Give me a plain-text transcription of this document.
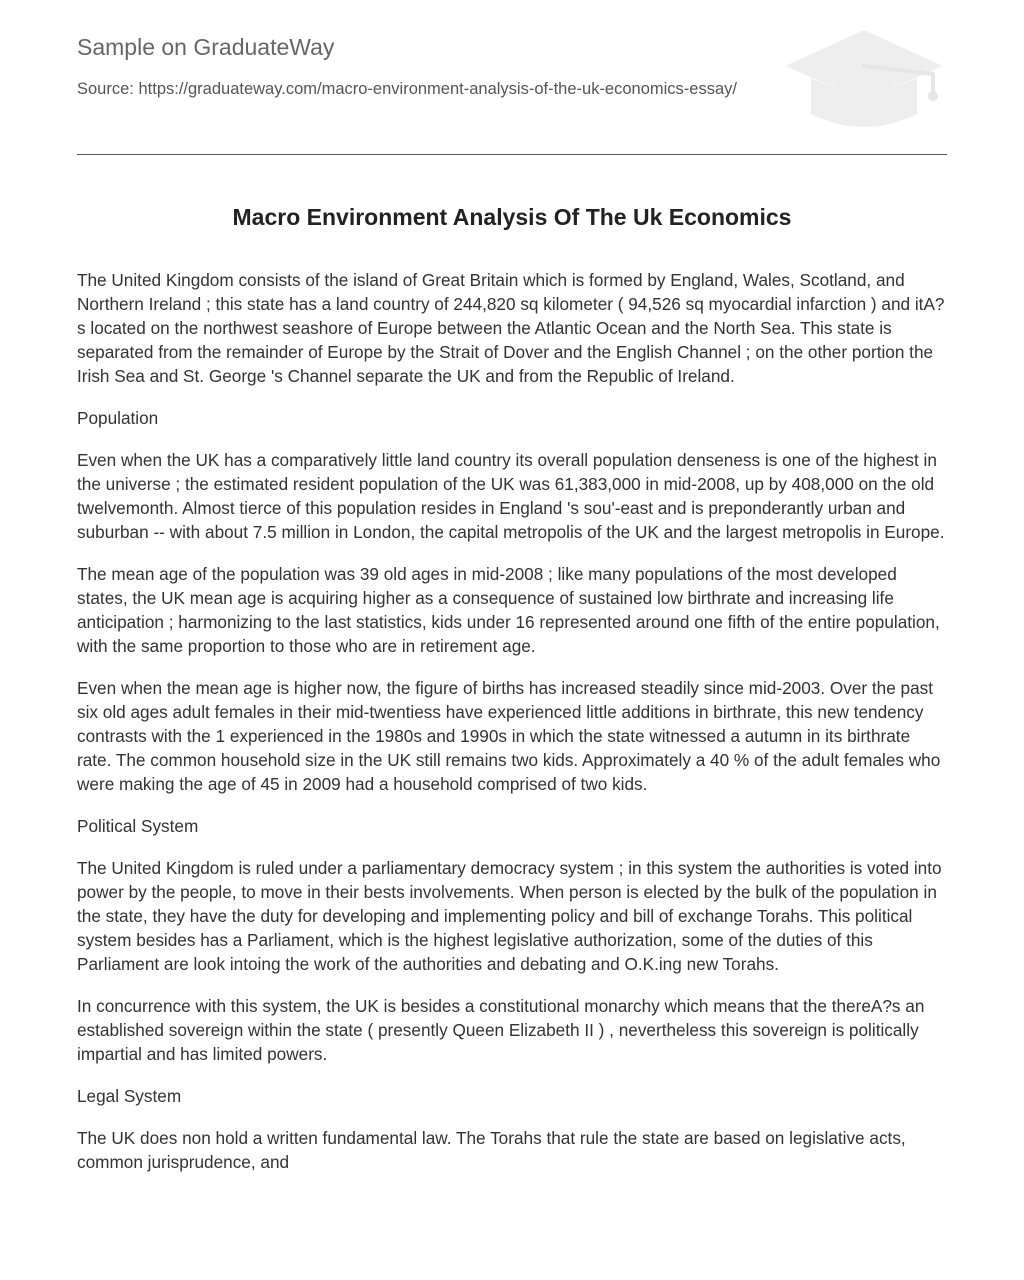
Sample on GraduateWay
Source: https://graduateway.com/macro-environment-analysis-of-the-uk-economics-essay/
Macro Environment Analysis Of The Uk Economics

The United Kingdom consists of the island of Great Britain which is formed by England, Wales, Scotland, and Northern Ireland ; this state has a land country of 244,820 sq kilometer ( 94,526 sq myocardial infarction ) and itA?s located on the northwest seashore of Europe between the Atlantic Ocean and the North Sea. This state is separated from the remainder of Europe by the Strait of Dover and the English Channel ; on the other portion the Irish Sea and St. George 's Channel separate the UK and from the Republic of Ireland.

Population

Even when the UK has a comparatively little land country its overall population denseness is one of the highest in the universe ; the estimated resident population of the UK was 61,383,000 in mid-2008, up by 408,000 on the old twelvemonth. Almost tierce of this population resides in England 's sou'-east and is preponderantly urban and suburban -- with about 7.5 million in London, the capital metropolis of the UK and the largest metropolis in Europe.

The mean age of the population was 39 old ages in mid-2008 ; like many populations of the most developed states, the UK mean age is acquiring higher as a consequence of sustained low birthrate and increasing life anticipation ; harmonizing to the last statistics, kids under 16 represented around one fifth of the entire population, with the same proportion to those who are in retirement age.

Even when the mean age is higher now, the figure of births has increased steadily since mid-2003. Over the past six old ages adult females in their mid-twentiess have experienced little additions in birthrate, this new tendency contrasts with the 1 experienced in the 1980s and 1990s in which the state witnessed a autumn in its birthrate rate. The common household size in the UK still remains two kids. Approximately a 40 % of the adult females who were making the age of 45 in 2009 had a household comprised of two kids.

Political System

The United Kingdom is ruled under a parliamentary democracy system ; in this system the authorities is voted into power by the people, to move in their bests involvements. When person is elected by the bulk of the population in the state, they have the duty for developing and implementing policy and bill of exchange Torahs. This political system besides has a Parliament, which is the highest legislative authorization, some of the duties of this Parliament are look intoing the work of the authorities and debating and O.K.ing new Torahs.

In concurrence with this system, the UK is besides a constitutional monarchy which means that the thereA?s an established sovereign within the state ( presently Queen Elizabeth II ) , nevertheless this sovereign is politically impartial and has limited powers.

Legal System

The UK does non hold a written fundamental law. The Torahs that rule the state are based on legislative acts, common jurisprudence, and
